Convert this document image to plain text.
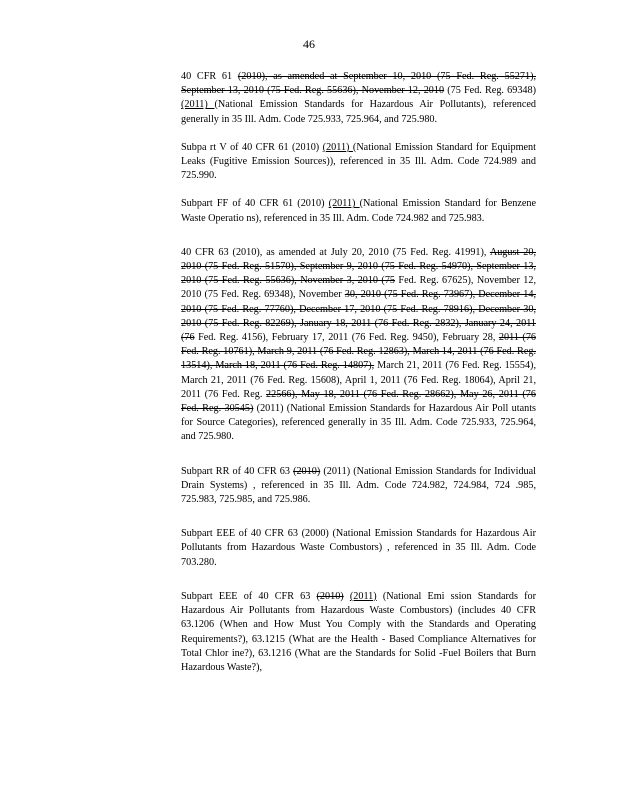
46

40 CFR 61 (2010), as amended at September 10, 2010 (75 Fed. Reg. 55271), September 13, 2010 (75 Fed. Reg. 55636), November 12, 2010 (75 Fed. Reg. 69348) (2011) (National Emission Standards for Hazardous Air Pollutants), referenced generally in 35 Ill. Adm. Code 725.933, 725.964, and 725.980.

Subpa rt V of 40 CFR 61 (2010) (2011) (National Emission Standard for Equipment Leaks (Fugitive Emission Sources)), referenced in 35 Ill. Adm. Code 724.989 and 725.990.

Subpart FF of 40 CFR 61 (2010) (2011) (National Emission Standard for Benzene Waste Operatio ns), referenced in 35 Ill. Adm. Code 724.982 and 725.983.

40 CFR 63 (2010), as amended at July 20, 2010 (75 Fed. Reg. 41991), August 20, 2010 (75 Fed. Reg. 51570), September 9, 2010 (75 Fed. Reg. 54970), September 13, 2010 (75 Fed. Reg. 55636), November 3, 2010 (75 Fed. Reg. 67625), November 12, 2010 (75 Fed. Reg. 69348), November 30, 2010 (75 Fed. Reg. 73967), December 14, 2010 (75 Fed. Reg. 77760), December 17, 2010 (75 Fed. Reg. 78916), December 30, 2010 (75 Fed. Reg. 82269), January 18, 2011 (76 Fed. Reg. 2832), January 24, 2011 (76 Fed. Reg. 4156), February 17, 2011 (76 Fed. Reg. 9450), February 28, 2011 (76 Fed. Reg. 10761), March 9, 2011 (76 Fed. Reg. 12863), March 14, 2011 (76 Fed. Reg. 13514), March 18, 2011 (76 Fed. Reg. 14807), March 21, 2011 (76 Fed. Reg. 15554), March 21, 2011 (76 Fed. Reg. 15608), April 1, 2011 (76 Fed. Reg. 18064), April 21, 2011 (76 Fed. Reg. 22566), May 18, 2011 (76 Fed. Reg. 28662), May 26, 2011 (76 Fed. Reg. 30545) (2011) (National Emission Standards for Hazardous Air Poll utants for Source Categories), referenced generally in 35 Ill. Adm. Code 725.933, 725.964, and 725.980.

Subpart RR of 40 CFR 63 (2010) (2011) (National Emission Standards for Individual Drain Systems) , referenced in 35 Ill. Adm. Code 724.982, 724.984, 724 .985, 725.983, 725.985, and 725.986.

Subpart EEE of 40 CFR 63 (2000) (National Emission Standards for Hazardous Air Pollutants from Hazardous Waste Combustors) , referenced in 35 Ill. Adm. Code 703.280.

Subpart EEE of 40 CFR 63 (2010) (2011) (National Emi ssion Standards for Hazardous Air Pollutants from Hazardous Waste Combustors) (includes 40 CFR 63.1206 (When and How Must You Comply with the Standards and Operating Requirements?), 63.1215 (What are the Health - Based Compliance Alternatives for Total Chlor ine?), 63.1216 (What are the Standards for Solid -Fuel Boilers that Burn Hazardous Waste?),
